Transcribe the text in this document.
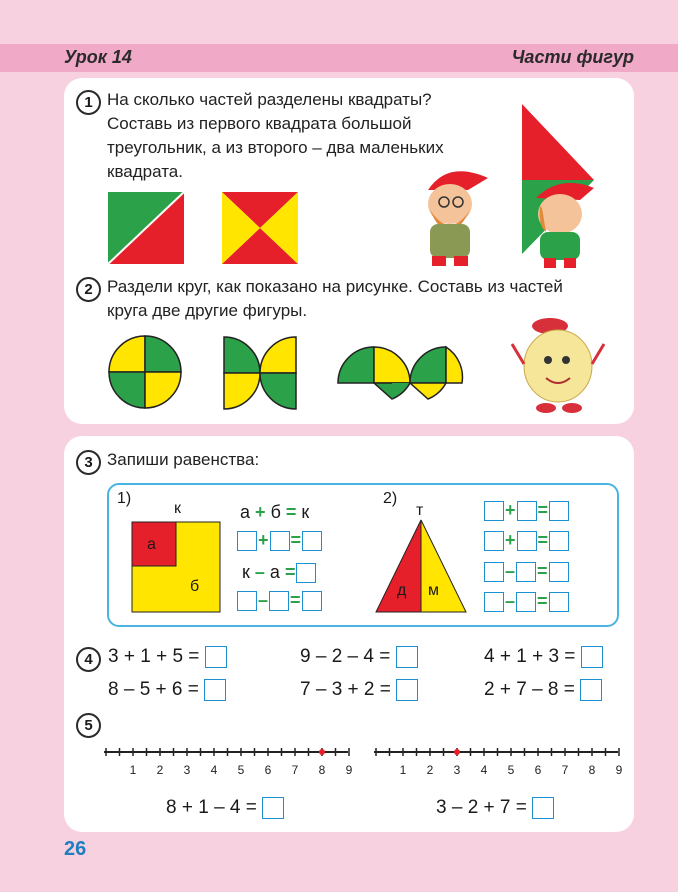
Урок 14	Части фигур
1 На сколько частей разделены квадраты? Составь из первого квадрата большой треугольник, а из второго – два маленьких квадрата.
2 Раздели круг, как показано на рисунке. Составь из частей круга две другие фигуры.
3 Запиши равенства:
1)
к
а
б
а + б = к
+ =
к – а =
– =
2)
т
д м
+ =
+ =
– =
– =
4 3 + 1 + 5 =	9 – 2 – 4 =	4 + 1 + 3 =
8 – 5 + 6 =	7 – 3 + 2 =	2 + 7 – 8 =
5
1 2 3 4 5 6 7 8 9	1 2 3 4 5 6 7 8 9
8 + 1 – 4 =	3 – 2 + 7 =
26
